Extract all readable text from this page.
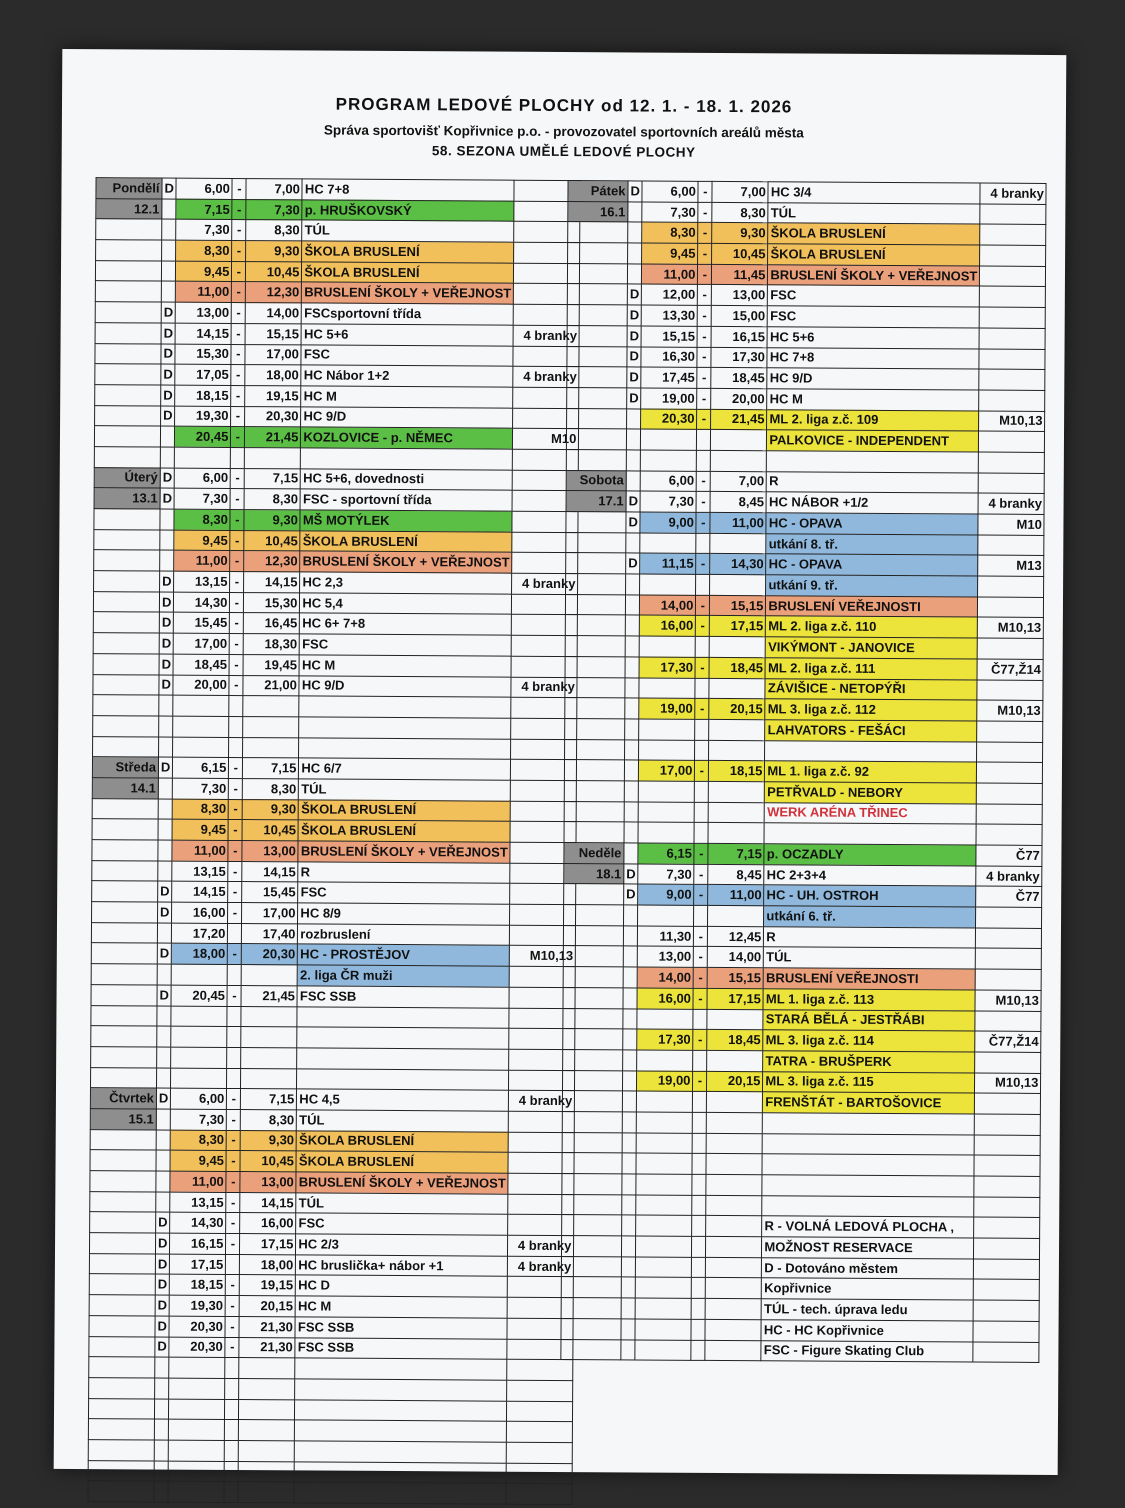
PROGRAM LEDOVÉ PLOCHY od 12. 1. - 18. 1. 2026
Správa sportovišť Kopřivnice p.o. - provozovatel sportovních areálů města
58. SEZONA UMĚLÉ LEDOVÉ PLOCHY
Pondělí	D	6,00	-	7,00	HC 7+8	
12.1		7,15	-	7,30	p. HRUŠKOVSKÝ	
		7,30	-	8,30	TÚL	
		8,30	-	9,30	ŠKOLA BRUSLENÍ	
		9,45	-	10,45	ŠKOLA BRUSLENÍ	
		11,00	-	12,30	BRUSLENÍ ŠKOLY + VEŘEJNOST	
	D	13,00	-	14,00	FSCsportovní třída	
	D	14,15	-	15,15	HC 5+6	4 branky
	D	15,30	-	17,00	FSC	
	D	17,05	-	18,00	HC Nábor 1+2	4 branky
	D	18,15	-	19,15	HC M	
	D	19,30	-	20,30	HC 9/D	
		20,45	-	21,45	KOZLOVICE - p. NĚMEC	M10

Úterý	D	6,00	-	7,15	HC 5+6, dovednosti	
13.1	D	7,30	-	8,30	FSC - sportovní třída	
		8,30	-	9,30	MŠ MOTÝLEK	
		9,45	-	10,45	ŠKOLA BRUSLENÍ	
		11,00	-	12,30	BRUSLENÍ ŠKOLY + VEŘEJNOST	
	D	13,15	-	14,15	HC 2,3	4 branky
	D	14,30	-	15,30	HC 5,4	
	D	15,45	-	16,45	HC 6+ 7+8	
	D	17,00	-	18,30	FSC	
	D	18,45	-	19,45	HC M	
	D	20,00	-	21,00	HC 9/D	4 branky

Středa	D	6,15	-	7,15	HC 6/7	
14.1		7,30	-	8,30	TÚL	
		8,30	-	9,30	ŠKOLA BRUSLENÍ	
		9,45	-	10,45	ŠKOLA BRUSLENÍ	
		11,00	-	13,00	BRUSLENÍ ŠKOLY + VEŘEJNOST	
		13,15	-	14,15	R	
	D	14,15	-	15,45	FSC	
	D	16,00	-	17,00	HC 8/9	
		17,20		17,40	rozbruslení	
	D	18,00	-	20,30	HC - PROSTĚJOV	M10,13
					2. liga ČR muži	
	D	20,45	-	21,45	FSC SSB	

Čtvrtek	D	6,00	-	7,15	HC 4,5	4 branky
15.1		7,30	-	8,30	TÚL	
		8,30	-	9,30	ŠKOLA BRUSLENÍ	
		9,45	-	10,45	ŠKOLA BRUSLENÍ	
		11,00	-	13,00	BRUSLENÍ ŠKOLY + VEŘEJNOST	
		13,15	-	14,15	TÚL	
	D	14,30	-	16,00	FSC	
	D	16,15	-	17,15	HC 2/3	4 branky
	D	17,15		18,00	HC bruslička+ nábor +1	4 branky
	D	18,15	-	19,15	HC D	
	D	19,30	-	20,15	HC M	
	D	20,30	-	21,30	FSC SSB	
	D	20,30	-	21,30	FSC SSB	

Pátek	D	6,00	-	7,00	HC 3/4	4 branky
16.1		7,30	-	8,30	TÚL	
		8,30	-	9,30	ŠKOLA BRUSLENÍ	
		9,45	-	10,45	ŠKOLA BRUSLENÍ	
		11,00	-	11,45	BRUSLENÍ ŠKOLY + VEŘEJNOST	
	D	12,00	-	13,00	FSC	
	D	13,30	-	15,00	FSC	
	D	15,15	-	16,15	HC 5+6	
	D	16,30	-	17,30	HC 7+8	
	D	17,45	-	18,45	HC 9/D	
	D	19,00	-	20,00	HC M	
		20,30	-	21,45	ML 2. liga z.č. 109	M10,13
					PALKOVICE - INDEPENDENT	

Sobota		6,00	-	7,00	R	
17.1	D	7,30	-	8,45	HC NÁBOR +1/2	4 branky
	D	9,00	-	11,00	HC - OPAVA	M10
					utkání 8. tř.	
	D	11,15	-	14,30	HC - OPAVA	M13
					utkání 9. tř.	
		14,00	-	15,15	BRUSLENÍ VEŘEJNOSTI	
		16,00	-	17,15	ML 2. liga z.č. 110	M10,13
					VIKÝMONT - JANOVICE	
		17,30	-	18,45	ML 2. liga z.č. 111	Č77,Ž14
					ZÁVIŠICE - NETOPÝŘI	
		19,00	-	20,15	ML 3. liga z.č. 112	M10,13
					LAHVATORS - FEŠÁCI	

		17,00	-	18,15	ML 1. liga z.č. 92	
					PETŘVALD - NEBORY	
					WERK ARÉNA TŘINEC	

Neděle		6,15	-	7,15	p. OCZADLY	Č77
18.1	D	7,30	-	8,45	HC 2+3+4	4 branky
	D	9,00	-	11,00	HC - UH. OSTROH	Č77
					utkání 6. tř.	
		11,30	-	12,45	R	
		13,00	-	14,00	TÚL	
		14,00	-	15,15	BRUSLENÍ VEŘEJNOSTI	
		16,00	-	17,15	ML 1. liga z.č. 113	M10,13
					STARÁ BĚLÁ - JESTŘÁBI	
		17,30	-	18,45	ML 3. liga z.č. 114	Č77,Ž14
					TATRA - BRUŠPERK	
		19,00	-	20,15	ML 3. liga z.č. 115	M10,13
					FRENŠTÁT - BARTOŠOVICE	

					R - VOLNÁ LEDOVÁ PLOCHA ,	
					MOŽNOST RESERVACE	
					D - Dotováno městem	
					Kopřivnice	
					TÚL - tech. úprava ledu	
					HC - HC Kopřivnice	
					FSC - Figure Skating Club	
